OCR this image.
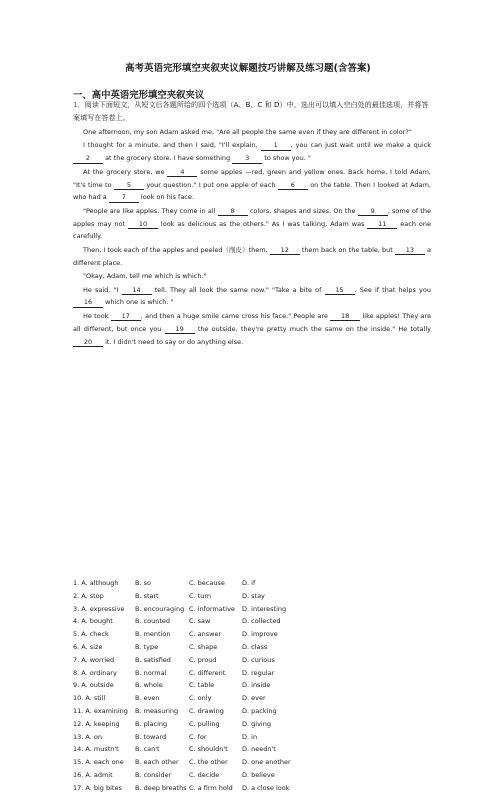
高考英语完形填空夹叙夹议解题技巧讲解及练习题(含答案)
一、高中英语完形填空夹叙夹议
1．阅读下面短文，从短文后各题所给的四个选项（A、B、C 和 D）中，选出可以填入空白处的最佳选项，并将答案填写在答卷上。

One afternoon, my son Adam asked me, "Are all people the same even if they are different in color?"

I thought for a minute, and then I said, "I'll explain, 1 , you can just wait until we make a quick 2 at the grocery store. I have something 3 to show you. "

At the grocery store, we 4 some apples —red, green and yellow ones. Back home, I told Adam, "It's time to 5 your question." I put one apple of each 6 on the table. Then I looked at Adam, who had a 7 look on his face.

"People are like apples. They come in all 8 colors, shapes and sizes. On the 9 , some of the apples may not 10 look as delicious as the others." As I was talking, Adam was 11 each one carefully.

Then, I took each of the apples and peeled（削皮）them, 12 them back on the table, but 13 a different place.

"Okay, Adam, tell me which is which."

He said, "I 14 tell. They all look the same now." "Take a bite of 15 . See if that helps you 16 which one is which. "

He took 17 , and then a huge smile came cross his face." People are 18 like apples! They are all different, but once you 19 the outside, they're pretty much the same on the inside." He totally 20 it. I didn't need to say or do anything else.

1. A. although	B. so	C. because	D. if
2. A. stop	B. start	C. turn	D. stay
3. A. expressive	B. encouraging C. informative	D. interesting
4. A. bought	B. counted	C. saw	D. collected
5. A. check	B. mention	C. answer	D. improve
6. A. size	B. type	C. shape	D. class
7. A. worried	B. satisfied	C. proud	D. curious
8. A. ordinary	B. normal	C. different	D. regular
9. A. outside	B. whole	C. table	D. inside
10. A. still	B. even	C. only	D. ever
11. A. examining	B. measuring	C. drawing	D. packing
12. A. keeping	B. placing	C. pulling	D. giving
13. A. on	B. toward	C. for	D. in
14. A. mustn't	B. can't	C. shouldn't	D. needn't
15. A. each one	B. each other	C. the other	D. one another
16. A. admit	B. consider	C. decide	D. believe
17. A. big bites	B. deep breaths C. a firm hold	D. a close look
